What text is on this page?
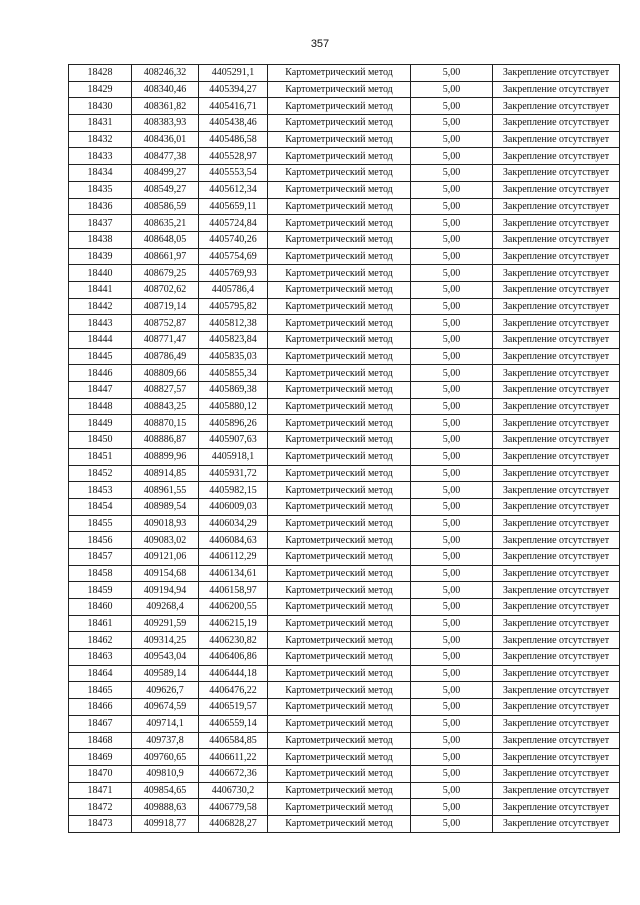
357
18428	408246,32	4405291,1	Картометрический метод	5,00	Закрепление отсутствует
18429	408340,46	4405394,27	Картометрический метод	5,00	Закрепление отсутствует
18430	408361,82	4405416,71	Картометрический метод	5,00	Закрепление отсутствует
18431	408383,93	4405438,46	Картометрический метод	5,00	Закрепление отсутствует
18432	408436,01	4405486,58	Картометрический метод	5,00	Закрепление отсутствует
18433	408477,38	4405528,97	Картометрический метод	5,00	Закрепление отсутствует
18434	408499,27	4405553,54	Картометрический метод	5,00	Закрепление отсутствует
18435	408549,27	4405612,34	Картометрический метод	5,00	Закрепление отсутствует
18436	408586,59	4405659,11	Картометрический метод	5,00	Закрепление отсутствует
18437	408635,21	4405724,84	Картометрический метод	5,00	Закрепление отсутствует
18438	408648,05	4405740,26	Картометрический метод	5,00	Закрепление отсутствует
18439	408661,97	4405754,69	Картометрический метод	5,00	Закрепление отсутствует
18440	408679,25	4405769,93	Картометрический метод	5,00	Закрепление отсутствует
18441	408702,62	4405786,4	Картометрический метод	5,00	Закрепление отсутствует
18442	408719,14	4405795,82	Картометрический метод	5,00	Закрепление отсутствует
18443	408752,87	4405812,38	Картометрический метод	5,00	Закрепление отсутствует
18444	408771,47	4405823,84	Картометрический метод	5,00	Закрепление отсутствует
18445	408786,49	4405835,03	Картометрический метод	5,00	Закрепление отсутствует
18446	408809,66	4405855,34	Картометрический метод	5,00	Закрепление отсутствует
18447	408827,57	4405869,38	Картометрический метод	5,00	Закрепление отсутствует
18448	408843,25	4405880,12	Картометрический метод	5,00	Закрепление отсутствует
18449	408870,15	4405896,26	Картометрический метод	5,00	Закрепление отсутствует
18450	408886,87	4405907,63	Картометрический метод	5,00	Закрепление отсутствует
18451	408899,96	4405918,1	Картометрический метод	5,00	Закрепление отсутствует
18452	408914,85	4405931,72	Картометрический метод	5,00	Закрепление отсутствует
18453	408961,55	4405982,15	Картометрический метод	5,00	Закрепление отсутствует
18454	408989,54	4406009,03	Картометрический метод	5,00	Закрепление отсутствует
18455	409018,93	4406034,29	Картометрический метод	5,00	Закрепление отсутствует
18456	409083,02	4406084,63	Картометрический метод	5,00	Закрепление отсутствует
18457	409121,06	4406112,29	Картометрический метод	5,00	Закрепление отсутствует
18458	409154,68	4406134,61	Картометрический метод	5,00	Закрепление отсутствует
18459	409194,94	4406158,97	Картометрический метод	5,00	Закрепление отсутствует
18460	409268,4	4406200,55	Картометрический метод	5,00	Закрепление отсутствует
18461	409291,59	4406215,19	Картометрический метод	5,00	Закрепление отсутствует
18462	409314,25	4406230,82	Картометрический метод	5,00	Закрепление отсутствует
18463	409543,04	4406406,86	Картометрический метод	5,00	Закрепление отсутствует
18464	409589,14	4406444,18	Картометрический метод	5,00	Закрепление отсутствует
18465	409626,7	4406476,22	Картометрический метод	5,00	Закрепление отсутствует
18466	409674,59	4406519,57	Картометрический метод	5,00	Закрепление отсутствует
18467	409714,1	4406559,14	Картометрический метод	5,00	Закрепление отсутствует
18468	409737,8	4406584,85	Картометрический метод	5,00	Закрепление отсутствует
18469	409760,65	4406611,22	Картометрический метод	5,00	Закрепление отсутствует
18470	409810,9	4406672,36	Картометрический метод	5,00	Закрепление отсутствует
18471	409854,65	4406730,2	Картометрический метод	5,00	Закрепление отсутствует
18472	409888,63	4406779,58	Картометрический метод	5,00	Закрепление отсутствует
18473	409918,77	4406828,27	Картометрический метод	5,00	Закрепление отсутствует
